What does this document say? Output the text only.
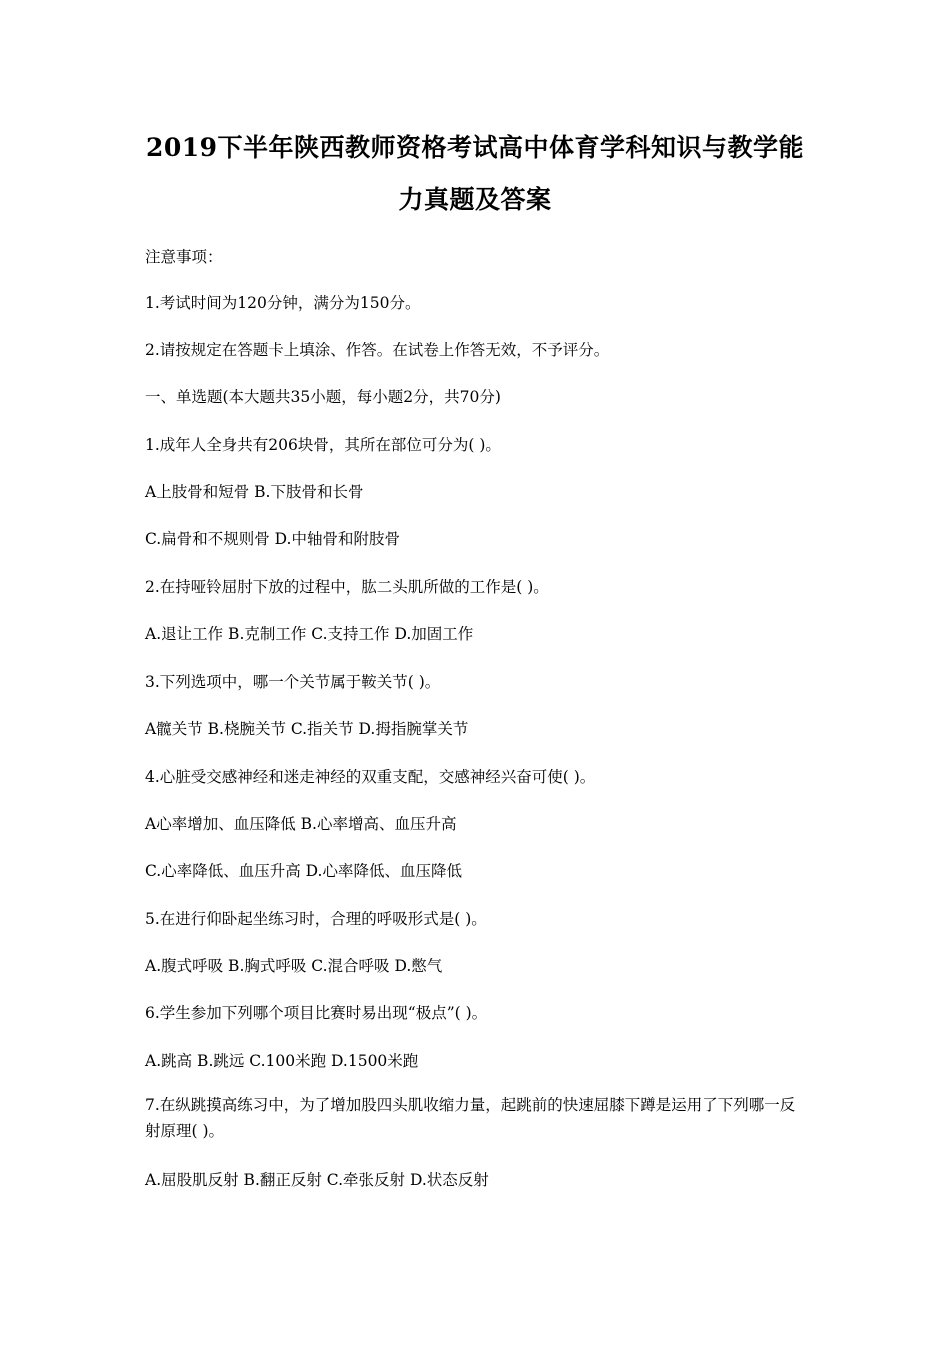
2019下半年陕西教师资格考试高中体育学科知识与教学能
力真题及答案
注意事项：
1.考试时间为120分钟，满分为150分。
2.请按规定在答题卡上填涂、作答。在试卷上作答无效，不予评分。
一、单选题(本大题共35小题，每小题2分，共70分)
1.成年人全身共有206块骨，其所在部位可分为( )。
A上肢骨和短骨 B.下肢骨和长骨
C.扁骨和不规则骨 D.中轴骨和附肢骨
2.在持哑铃屈肘下放的过程中，肱二头肌所做的工作是( )。
A.退让工作 B.克制工作 C.支持工作 D.加固工作
3.下列选项中，哪一个关节属于鞍关节( )。
A髋关节 B.桡腕关节 C.指关节 D.拇指腕掌关节
4.心脏受交感神经和迷走神经的双重支配，交感神经兴奋可使( )。
A心率增加、血压降低 B.心率增高、血压升高
C.心率降低、血压升高 D.心率降低、血压降低
5.在进行仰卧起坐练习时，合理的呼吸形式是( )。
A.腹式呼吸 B.胸式呼吸 C.混合呼吸 D.憋气
6.学生参加下列哪个项目比赛时易出现“极点”( )。
A.跳高 B.跳远 C.100米跑 D.1500米跑
7.在纵跳摸高练习中，为了增加股四头肌收缩力量，起跳前的快速屈膝下蹲是运用了下列哪一反射原理( )。
A.屈股肌反射 B.翻正反射 C.牵张反射 D.状态反射
